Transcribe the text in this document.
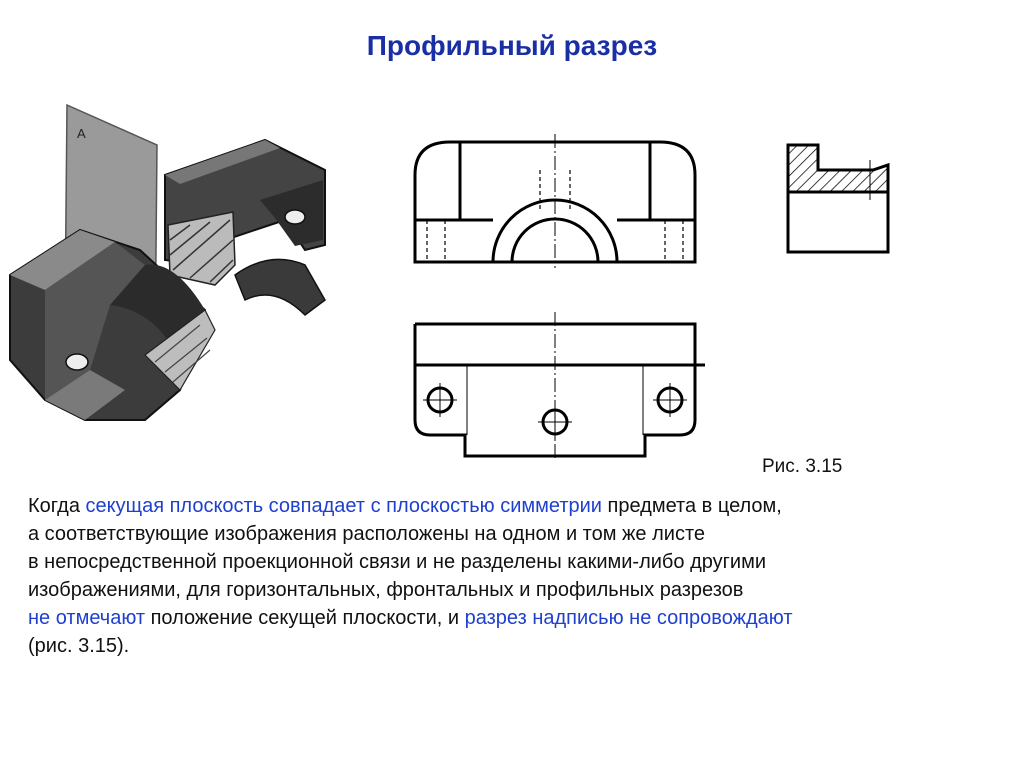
Профильный разрез
А
Рис. 3.15

Когда секущая плоскость совпадает с плоскостью симметрии предмета в целом,
а соответствующие изображения расположены на одном и том же листе
в непосредственной проекционной связи и не разделены какими-либо другими
изображениями, для горизонтальных, фронтальных и профильных разрезов
не отмечают положение секущей плоскости, и разрез надписью не сопровождают
(рис. 3.15).
